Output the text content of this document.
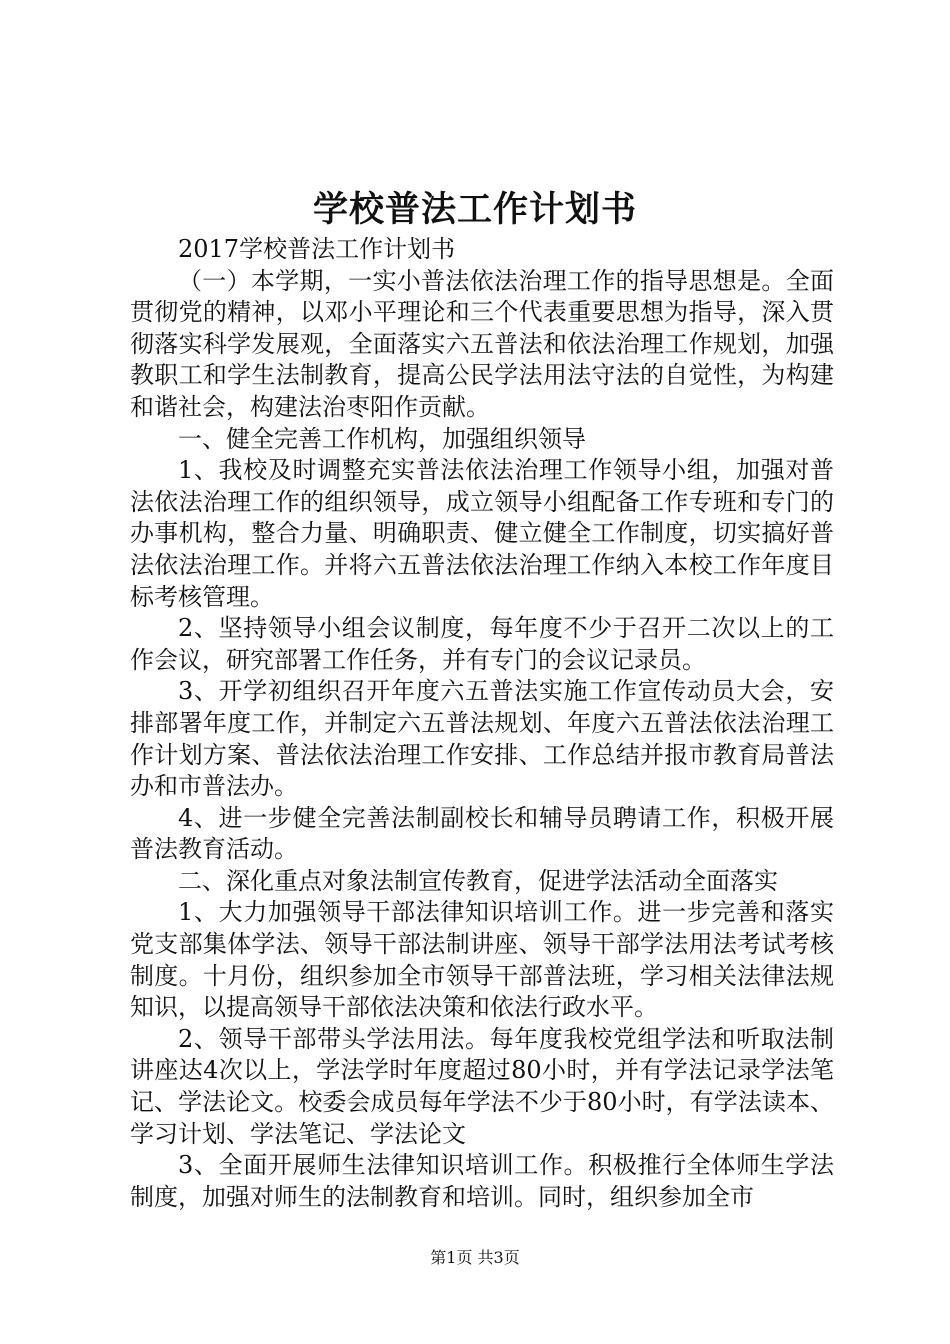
学校普法工作计划书

2017学校普法工作计划书

（一）本学期，一实小普法依法治理工作的指导思想是。全面贯彻党的精神，以邓小平理论和三个代表重要思想为指导，深入贯彻落实科学发展观，全面落实六五普法和依法治理工作规划，加强教职工和学生法制教育，提高公民学法用法守法的自觉性，为构建和谐社会，构建法治枣阳作贡献。

一、健全完善工作机构，加强组织领导

1、我校及时调整充实普法依法治理工作领导小组，加强对普法依法治理工作的组织领导，成立领导小组配备工作专班和专门的办事机构，整合力量、明确职责、健立健全工作制度，切实搞好普法依法治理工作。并将六五普法依法治理工作纳入本校工作年度目标考核管理。

2、坚持领导小组会议制度，每年度不少于召开二次以上的工作会议，研究部署工作任务，并有专门的会议记录员。

3、开学初组织召开年度六五普法实施工作宣传动员大会，安排部署年度工作，并制定六五普法规划、年度六五普法依法治理工作计划方案、普法依法治理工作安排、工作总结并报市教育局普法办和市普法办。

4、进一步健全完善法制副校长和辅导员聘请工作，积极开展普法教育活动。

二、深化重点对象法制宣传教育，促进学法活动全面落实

1、大力加强领导干部法律知识培训工作。进一步完善和落实党支部集体学法、领导干部法制讲座、领导干部学法用法考试考核制度。十月份，组织参加全市领导干部普法班，学习相关法律法规知识，以提高领导干部依法决策和依法行政水平。

2、领导干部带头学法用法。每年度我校党组学法和听取法制讲座达4次以上，学法学时年度超过80小时，并有学法记录学法笔记、学法论文。校委会成员每年学法不少于80小时，有学法读本、学习计划、学法笔记、学法论文

3、全面开展师生法律知识培训工作。积极推行全体师生学法制度，加强对师生的法制教育和培训。同时，组织参加全市

第1页 共3页
